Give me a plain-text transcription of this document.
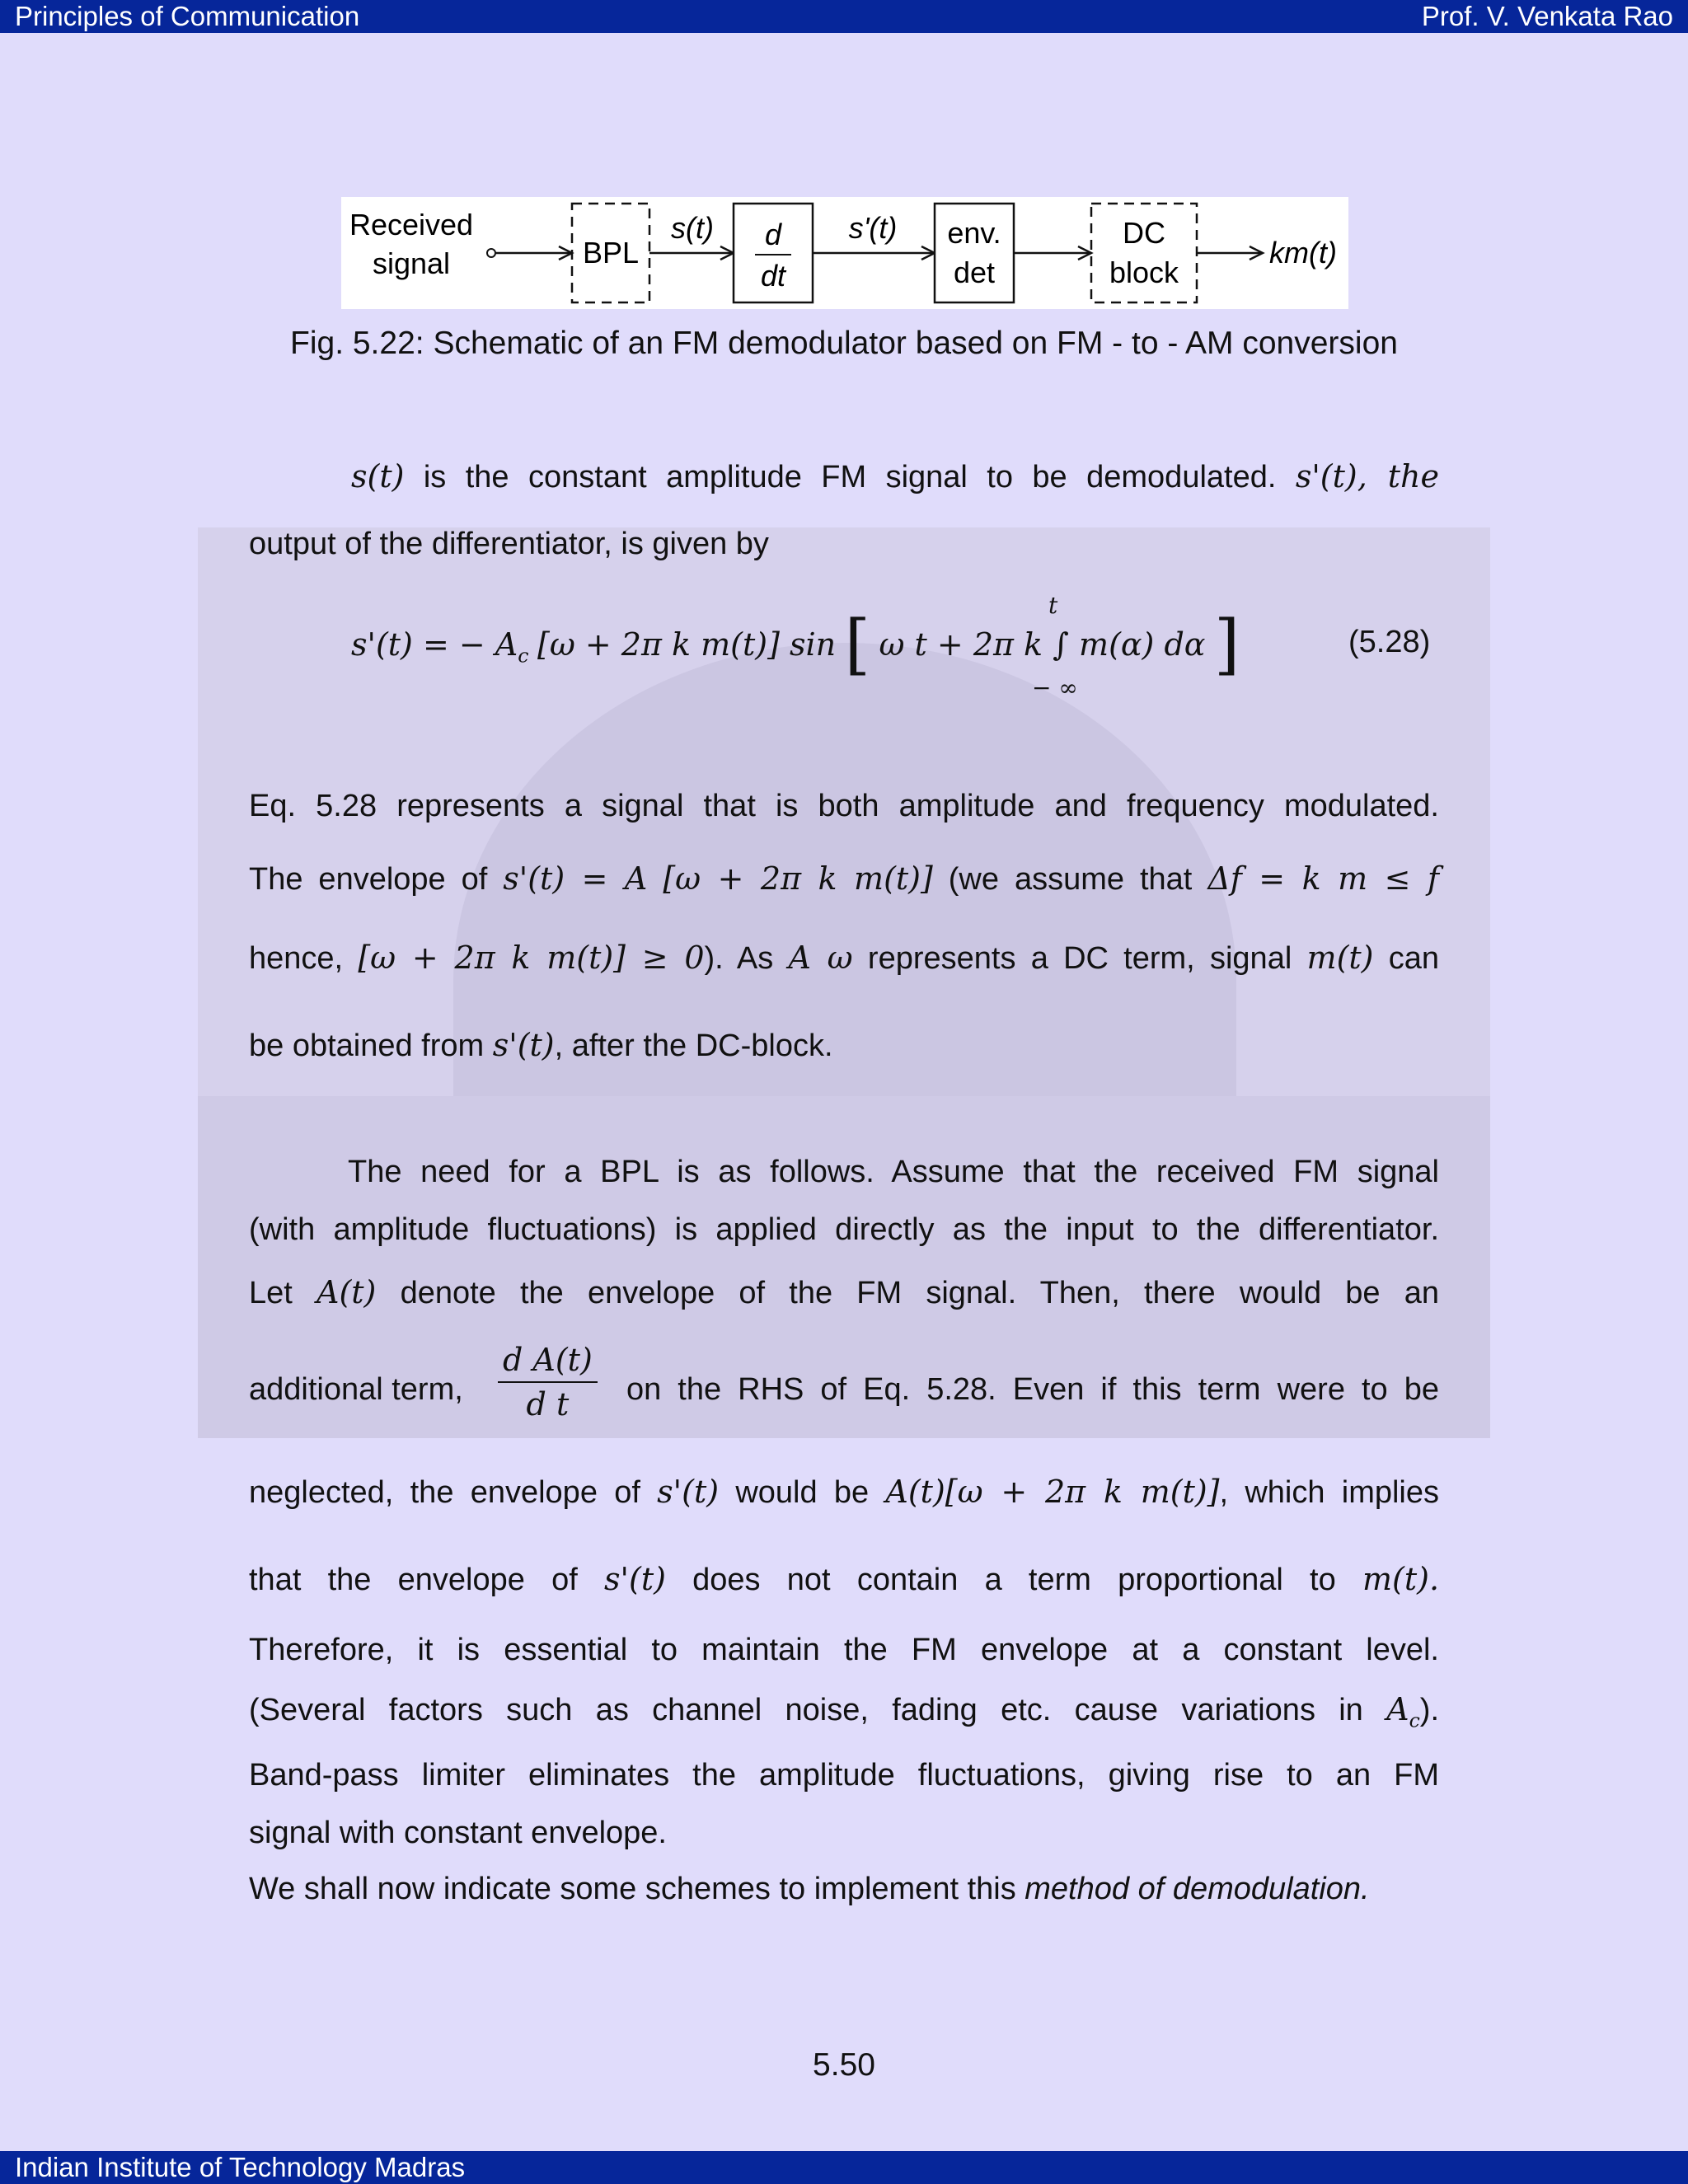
Principles of Communication	Prof. V. Venkata Rao
Received
signal	BPL
s(t) d
dt
s'(t) env.
det
DC
block
km(t)
Fig. 5.22: Schematic of an FM demodulator based on FM - to - AM conversion
s(t) is the constant amplitude FM signal to be demodulated. s'(t), the
output of the differentiator, is given by
s'(t) = − $A_c$ [ω + 2π k m(t)] sin [ ω t + 2π k ∫ m(α) dα ]
t
− ∞
(5.28)
Eq. 5.28 represents a signal that is both amplitude and frequency modulated.
The envelope of s'(t) = A [ω + 2π k m(t)] (we assume that Δf = k m ≤ f
hence, [ω + 2π k m(t)] ≥ 0). As A ω represents a DC term, signal m(t) can
be obtained from s'(t), after the DC-block.
The need for a BPL is as follows. Assume that the received FM signal
(with amplitude fluctuations) is applied directly as the input to the differentiator.
Let A(t) denote the envelope of the FM signal. Then, there would be an
additional term,	$\frac{\text{d A(t)}}{\text{d t}}$ on the RHS of Eq. 5.28. Even if this term were to be
neglected, the envelope of s'(t) would be A(t)[ω + 2π k m(t)], which implies
that the envelope of s'(t) does not contain a term proportional to m(t).
Therefore, it is essential to maintain the FM envelope at a constant level.
(Several factors such as channel noise, fading etc. cause variations in $A_c$).
Band-pass limiter eliminates the amplitude fluctuations, giving rise to an FM
signal with constant envelope.
We shall now indicate some schemes to implement this method of demodulation.
5.50
Indian Institute of Technology Madras
